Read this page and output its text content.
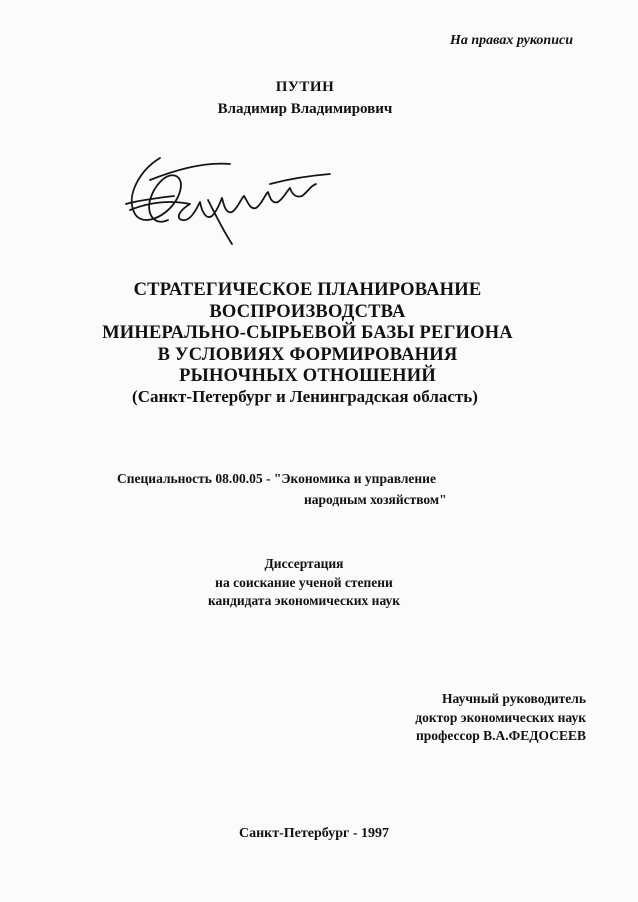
На правах рукописи

ПУТИН

Владимир Владимирович

СТРАТЕГИЧЕСКОЕ ПЛАНИРОВАНИЕ
ВОСПРОИЗВОДСТВА
МИНЕРАЛЬНО-СЫРЬЕВОЙ БАЗЫ РЕГИОНА
В УСЛОВИЯХ ФОРМИРОВАНИЯ
РЫНОЧНЫХ ОТНОШЕНИЙ

(Санкт-Петербург и Ленинградская область)

Специальность 08.00.05 - "Экономика и управление

народным хозяйством"

Диссертация
на соискание ученой степени
кандидата экономических наук
Научный руководитель
доктор экономических наук
профессор В.А.ФЕДОСЕЕВ

Санкт-Петербург - 1997
